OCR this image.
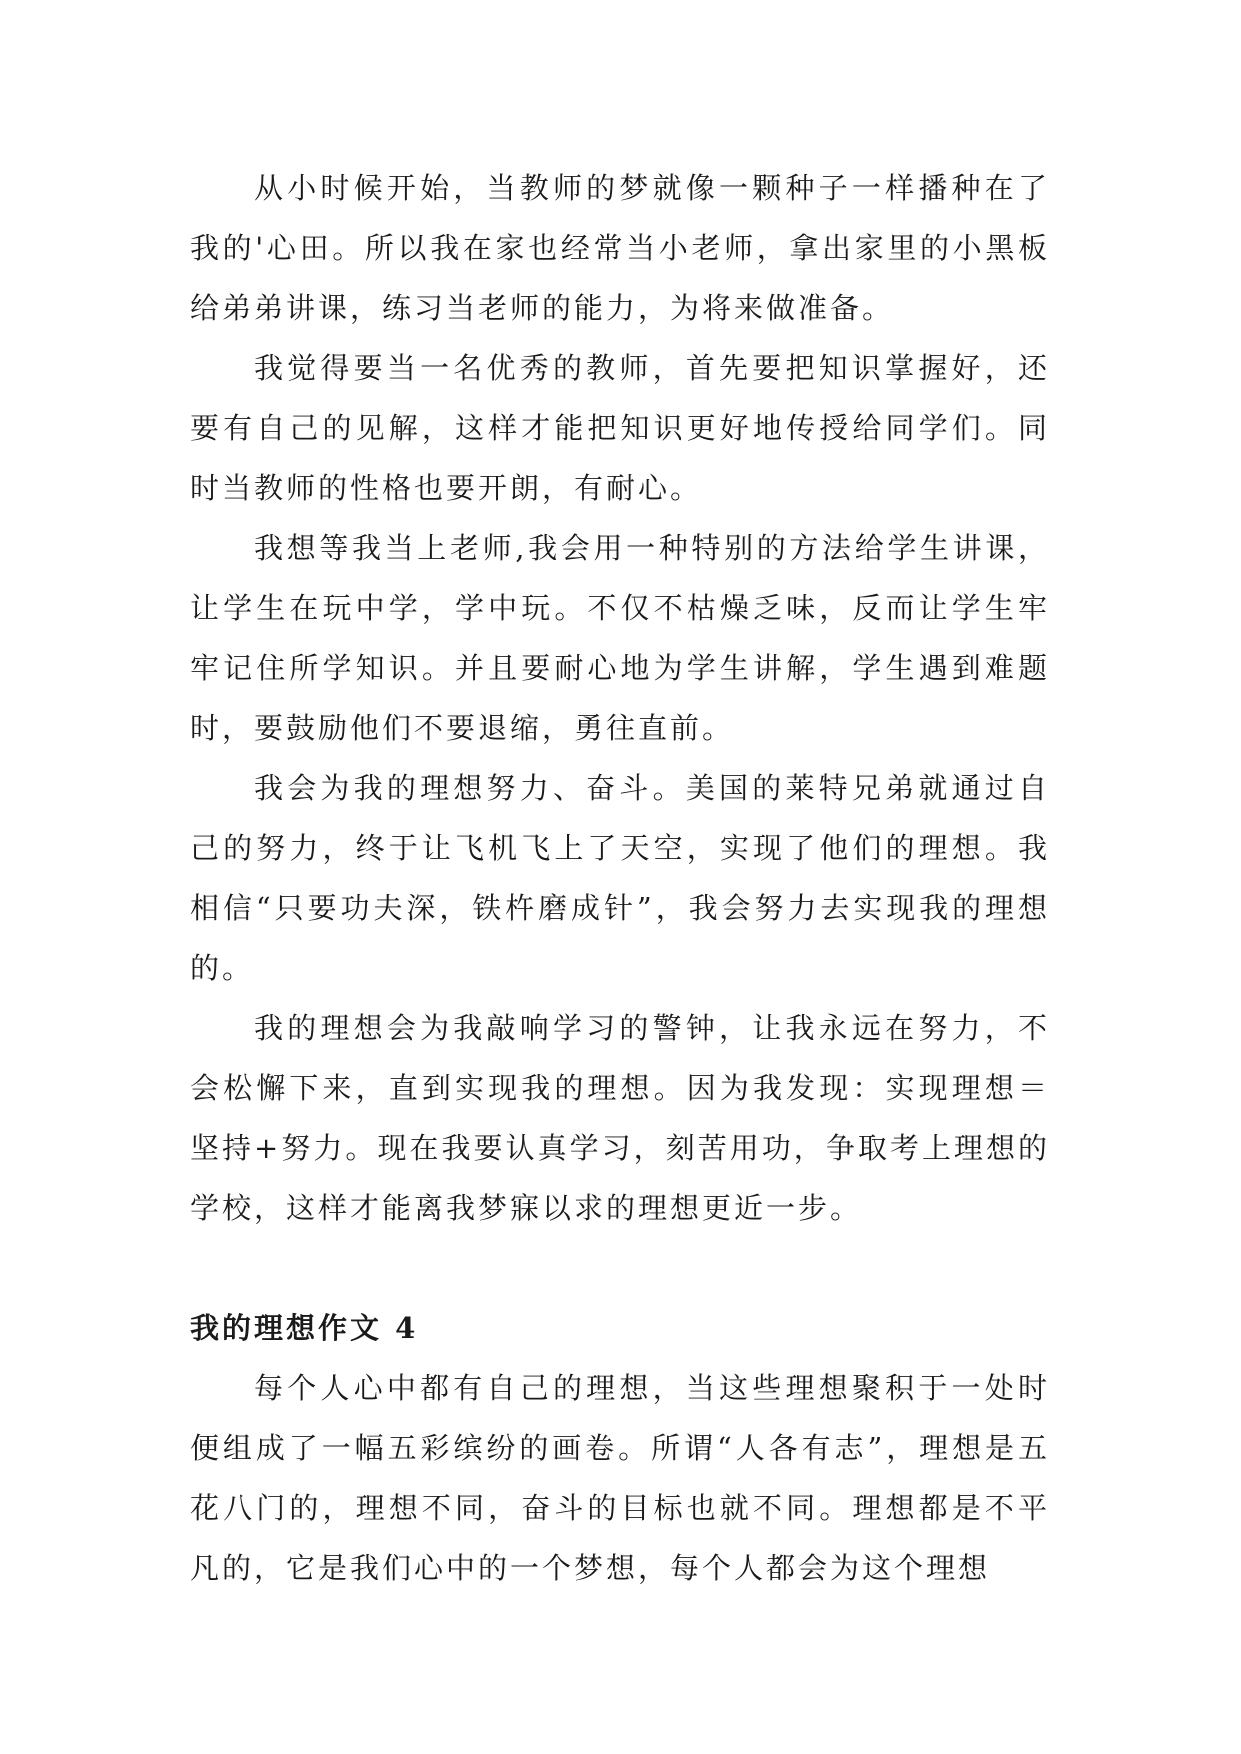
从小时候开始，当教师的梦就像一颗种子一样播种在了我的'心田。所以我在家也经常当小老师，拿出家里的小黑板给弟弟讲课，练习当老师的能力，为将来做准备。

我觉得要当一名优秀的教师，首先要把知识掌握好，还要有自己的见解，这样才能把知识更好地传授给同学们。同时当教师的性格也要开朗，有耐心。

我想等我当上老师,我会用一种特别的方法给学生讲课，让学生在玩中学，学中玩。不仅不枯燥乏味，反而让学生牢牢记住所学知识。并且要耐心地为学生讲解，学生遇到难题时，要鼓励他们不要退缩，勇往直前。

我会为我的理想努力、奋斗。美国的莱特兄弟就通过自己的努力，终于让飞机飞上了天空，实现了他们的理想。我相信“只要功夫深，铁杵磨成针”，我会努力去实现我的理想的。

我的理想会为我敲响学习的警钟，让我永远在努力，不会松懈下来，直到实现我的理想。因为我发现：实现理想＝坚持+努力。现在我要认真学习，刻苦用功，争取考上理想的学校，这样才能离我梦寐以求的理想更近一步。

我的理想作文 4

每个人心中都有自己的理想，当这些理想聚积于一处时便组成了一幅五彩缤纷的画卷。所谓“人各有志”，理想是五花八门的，理想不同，奋斗的目标也就不同。理想都是不平凡的，它是我们心中的一个梦想，每个人都会为这个理想
